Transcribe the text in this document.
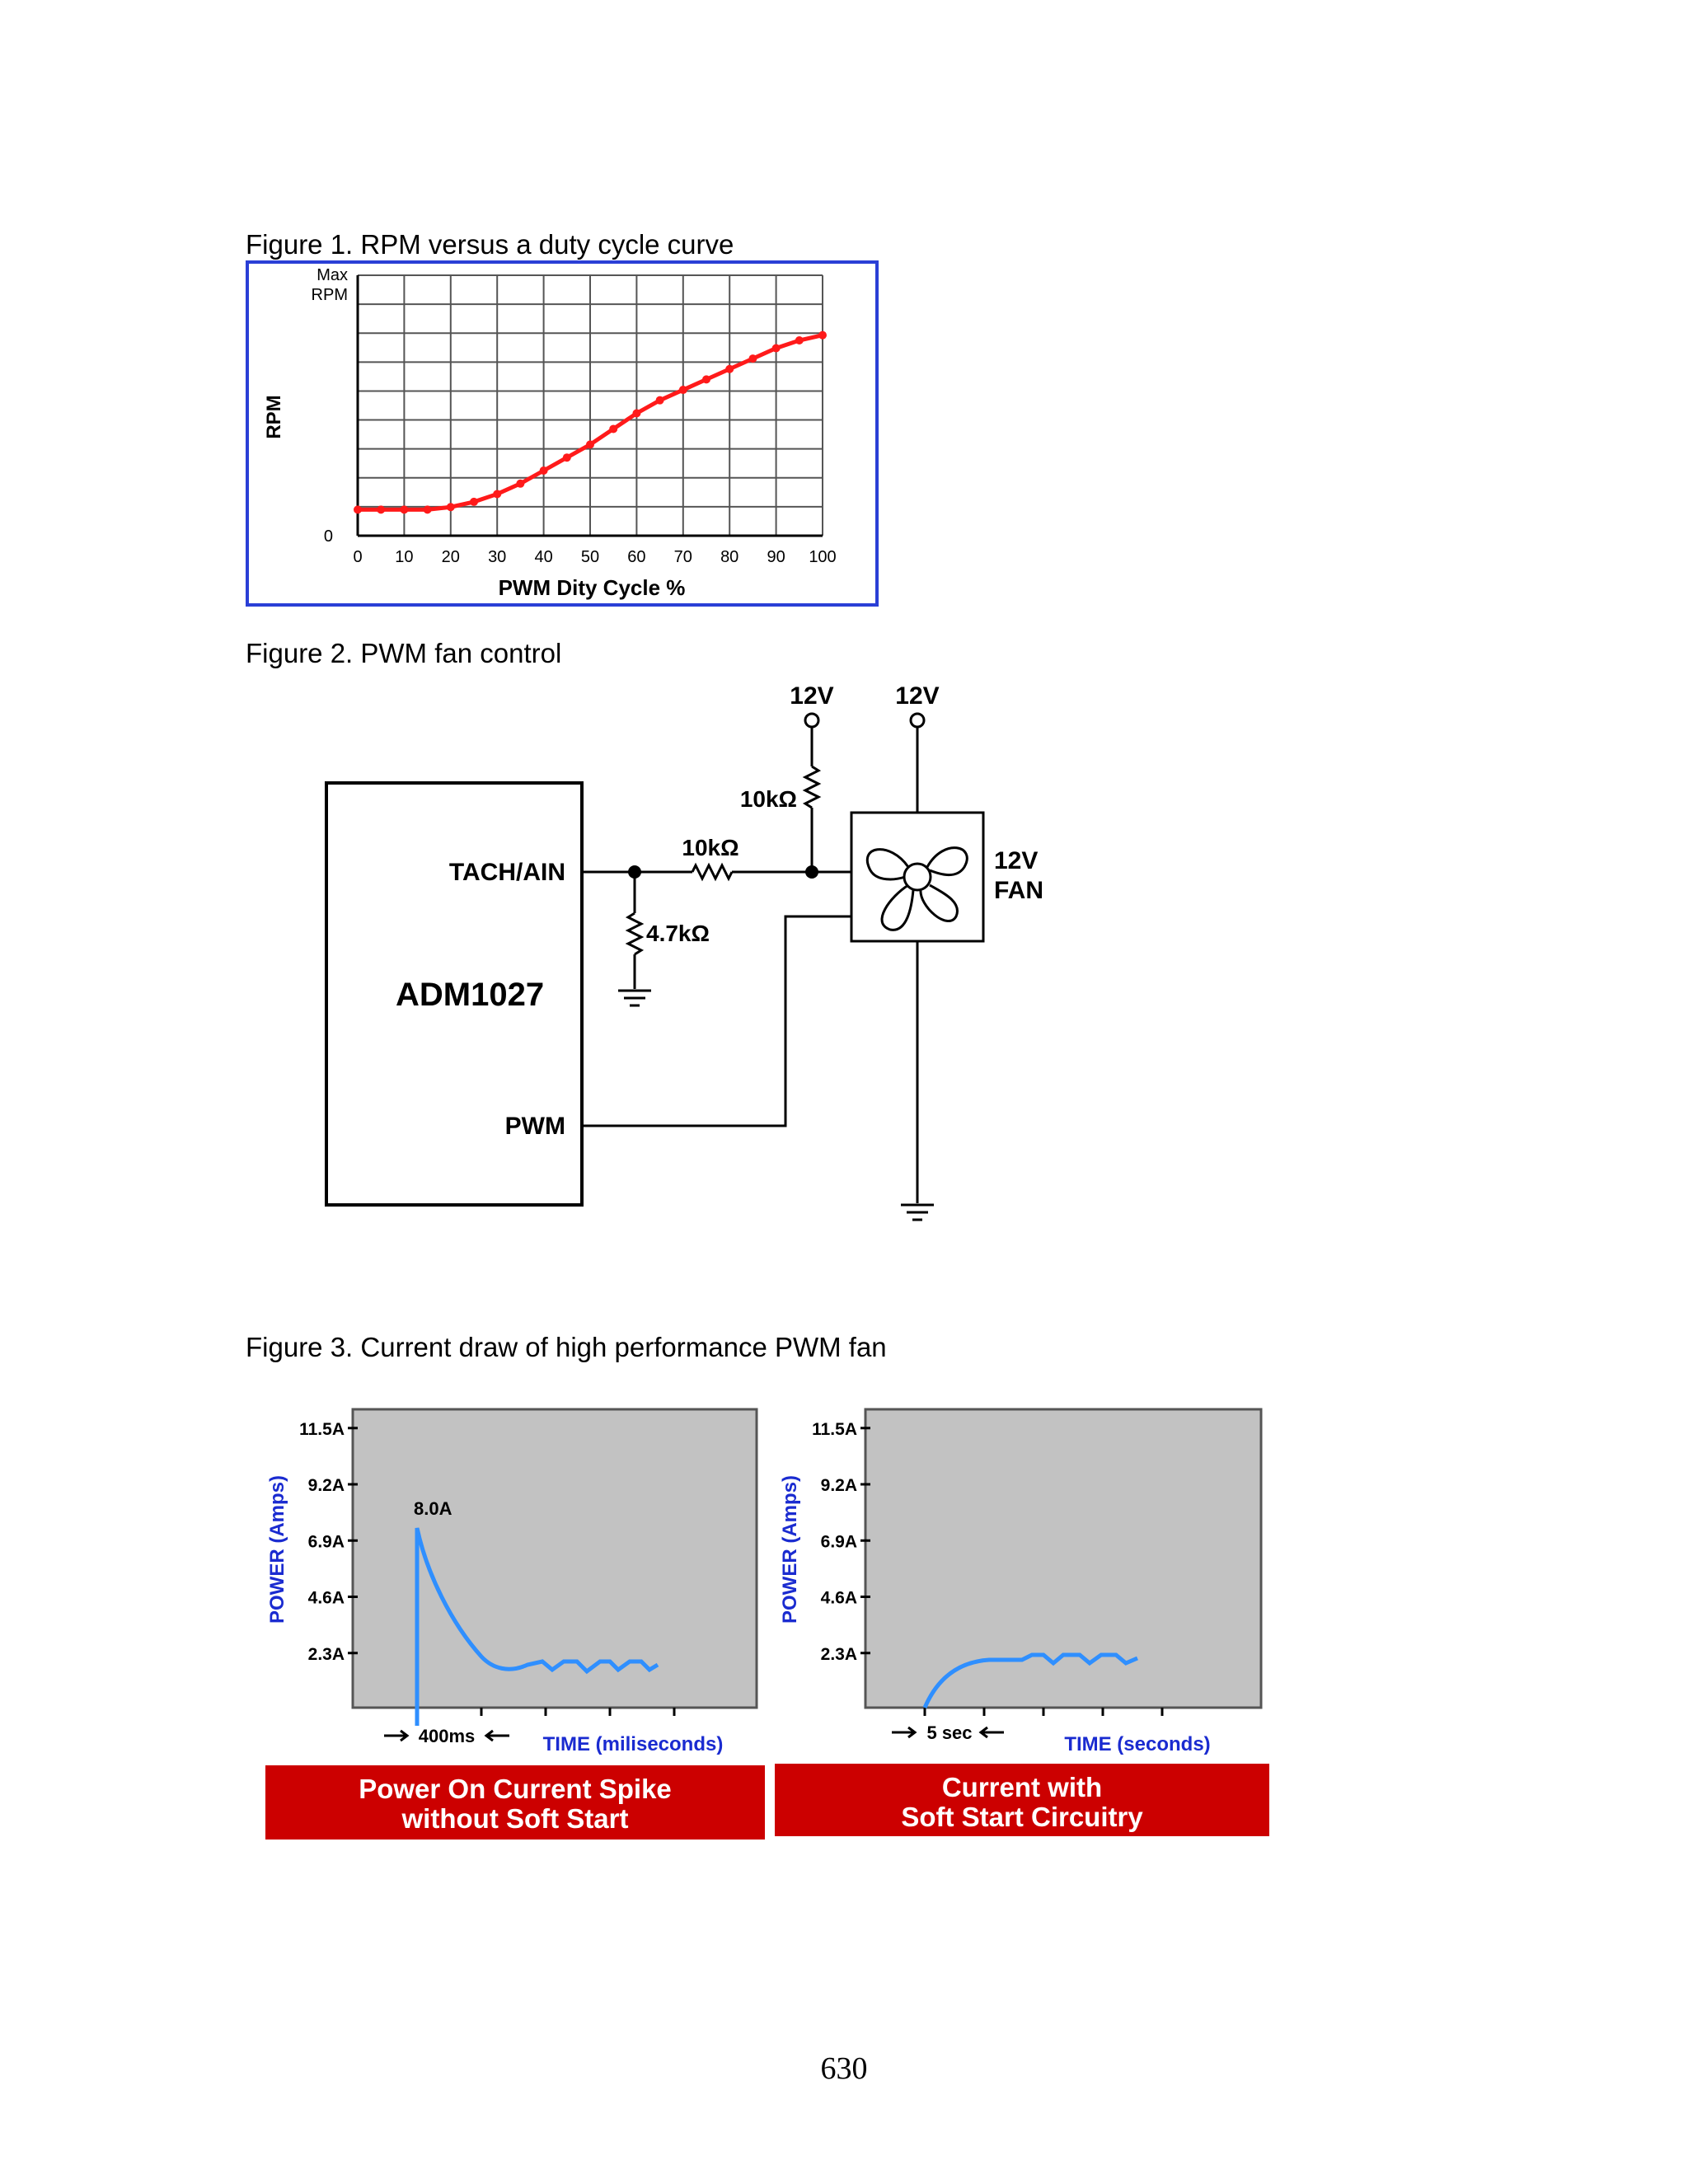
Figure 1. RPM versus a duty cycle curve
0 10 20 30 40 50 60 70 80 90 100
0
Max
RPM
RPM
PWM Dity Cycle %
Figure 2. PWM fan control
ADM1027
TACH/AIN
PWM
10kΩ
4.7kΩ
12V
10kΩ
12V
FAN
12V
Figure 3. Current draw of high performance PWM fan
11.5A
9.2A
6.9A
4.6A
2.3A
POWER (Amps)	8.0A
400ms	TIME (miliseconds)
Power On Current Spike
without Soft Start
11.5A
9.2A
6.9A
4.6A
2.3A
POWER (Amps)
5 sec
TIME (seconds)
Current with
Soft Start Circuitry
630
